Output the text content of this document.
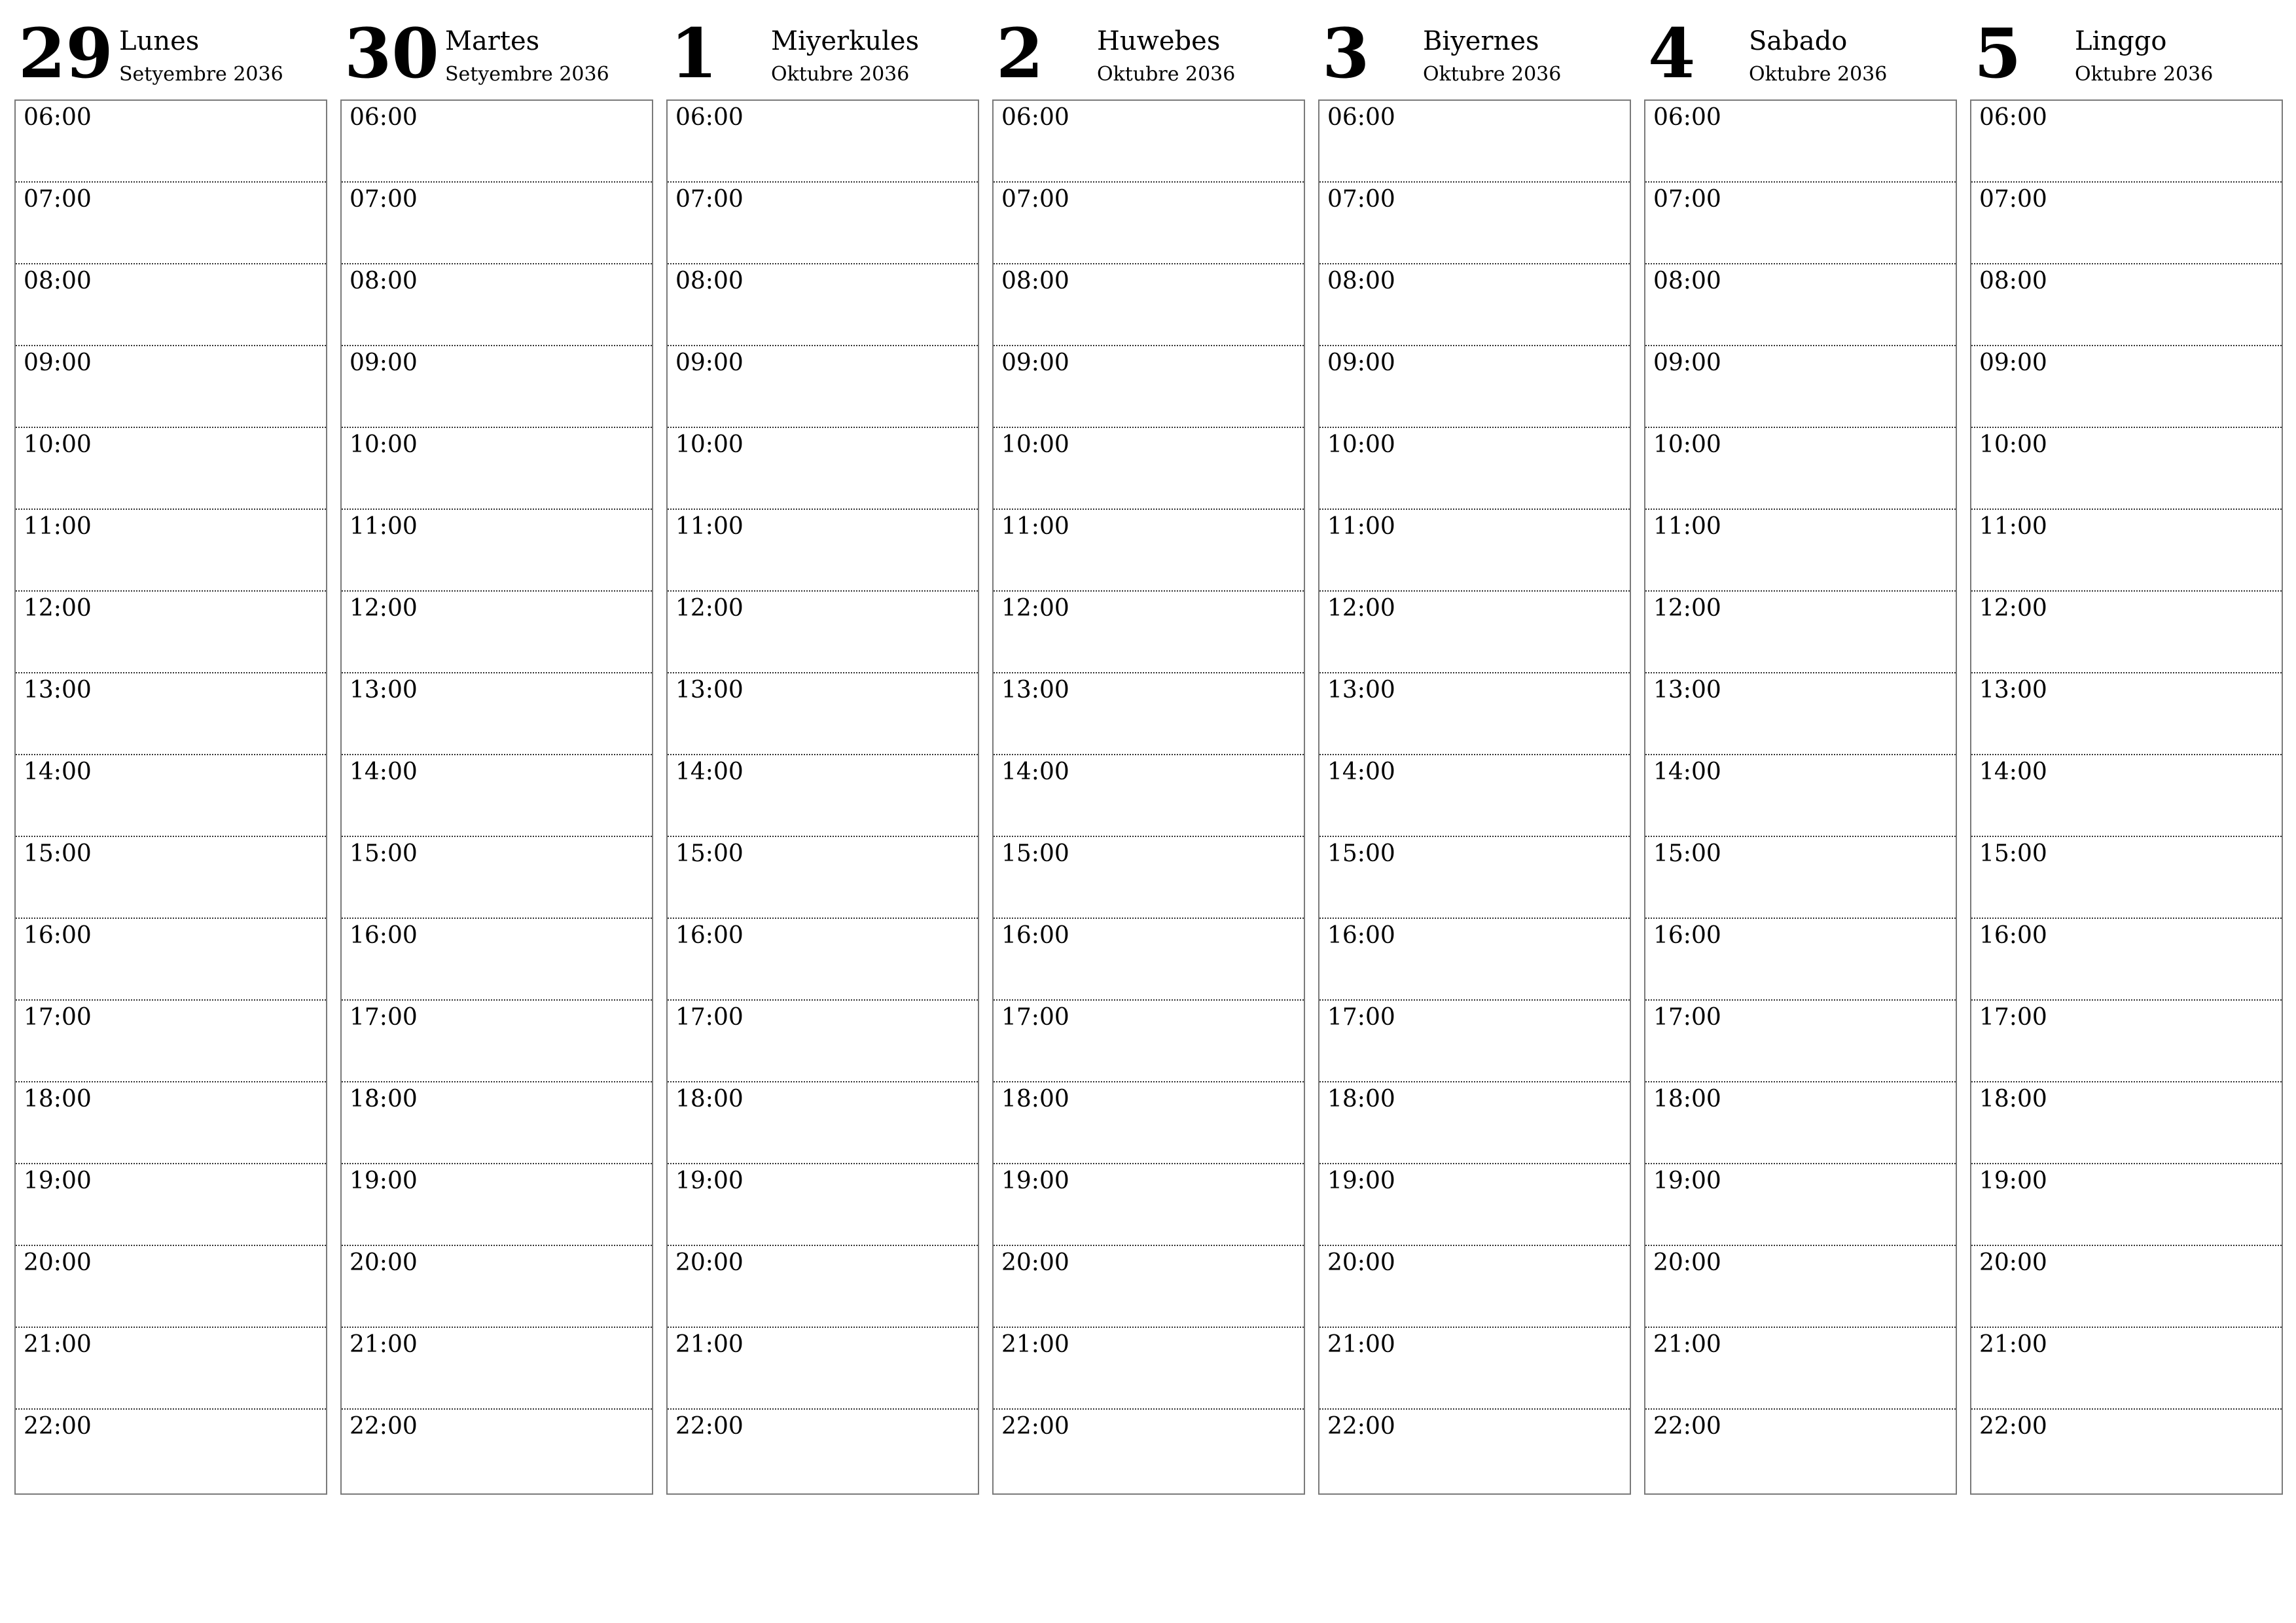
29 Lunes
Setyembre 2036
06:00
07:00
08:00
09:00
10:00
11:00
12:00
13:00
14:00
15:00
16:00
17:00
18:00
19:00
20:00
21:00
22:00
30 Martes
Setyembre 2036
06:00
07:00
08:00
09:00
10:00
11:00
12:00
13:00
14:00
15:00
16:00
17:00
18:00
19:00
20:00
21:00
22:00
1 Miyerkules
Oktubre 2036
06:00
07:00
08:00
09:00
10:00
11:00
12:00
13:00
14:00
15:00
16:00
17:00
18:00
19:00
20:00
21:00
22:00
2 Huwebes
Oktubre 2036
06:00
07:00
08:00
09:00
10:00
11:00
12:00
13:00
14:00
15:00
16:00
17:00
18:00
19:00
20:00
21:00
22:00
3 Biyernes
Oktubre 2036
06:00
07:00
08:00
09:00
10:00
11:00
12:00
13:00
14:00
15:00
16:00
17:00
18:00
19:00
20:00
21:00
22:00
4 Sabado
Oktubre 2036
06:00
07:00
08:00
09:00
10:00
11:00
12:00
13:00
14:00
15:00
16:00
17:00
18:00
19:00
20:00
21:00
22:00
5 Linggo
Oktubre 2036
06:00
07:00
08:00
09:00
10:00
11:00
12:00
13:00
14:00
15:00
16:00
17:00
18:00
19:00
20:00
21:00
22:00
